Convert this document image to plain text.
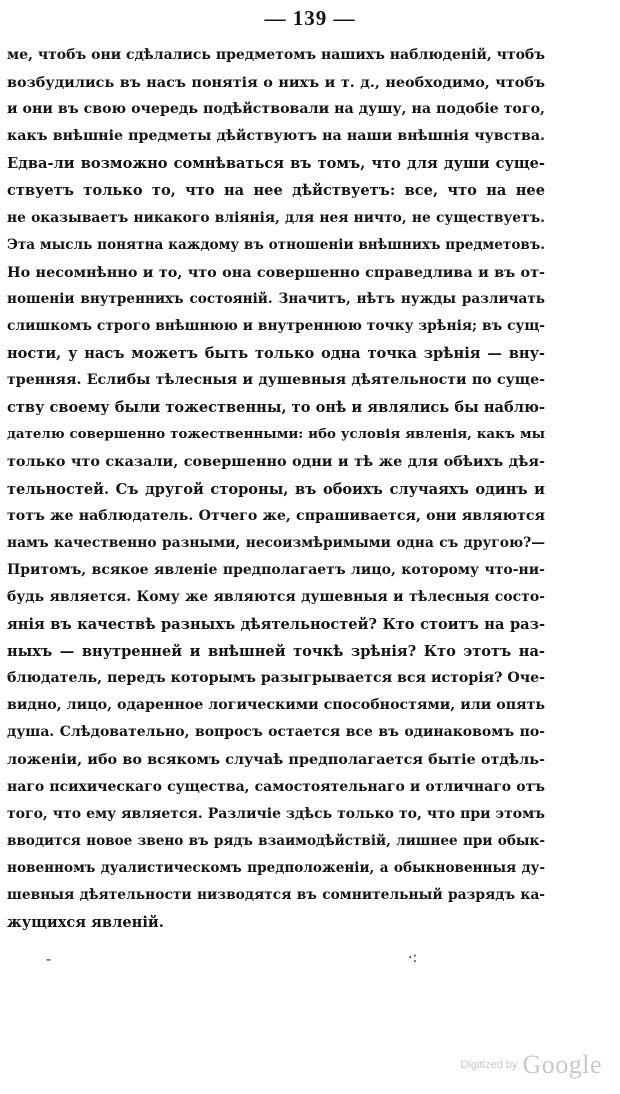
— 139 —
ме, чтобъ они сдѣлались предметомъ нашихъ наблюденій, чтобъ
возбудились въ насъ понятія о нихъ и т. д., необходимо, чтобъ
и они въ свою очередь подѣйствовали на душу, на подобіе того,
какъ внѣшніе предметы дѣйствуютъ на наши внѣшнія чувства.
Едва-ли возможно сомнѣваться въ томъ, что для души суще-
ствуетъ только то, что на нее дѣйствуетъ: все, что на нее
не оказываетъ никакого вліянія, для нея ничто, не существуетъ.
Эта мысль понятна каждому въ отношеніи внѣшнихъ предметовъ.
Но несомнѣнно и то, что она совершенно справедлива и въ от-
ношеніи внутреннихъ состояній. Значитъ, нѣтъ нужды различать
слишкомъ строго внѣшнюю и внутреннюю точку зрѣнія; въ сущ-
ности, у насъ можетъ быть только одна точка зрѣнія — вну-
тренняя. Еслибы тѣлесныя и душевныя дѣятельности по суще-
ству своему были тожественны, то онѣ и являлись бы наблю-
дателю совершенно тожественными: ибо условія явленія, какъ мы
только что сказали, совершенно одни и тѣ же для обѣихъ дѣя-
тельностей. Съ другой стороны, въ обоихъ случаяхъ одинъ и
тотъ же наблюдатель. Отчего же, спрашивается, они являются
намъ качественно разными, несоизмѣримыми одна съ другою?—
Притомъ, всякое явленіе предполагаетъ лицо, которому что-ни-
будь является. Кому же являются душевныя и тѣлесныя состо-
янія въ качествѣ разныхъ дѣятельностей? Кто стоитъ на раз-
ныхъ — внутренней и внѣшней точкѣ зрѣнія? Кто этотъ на-
блюдатель, передъ которымъ разыгрывается вся исторія? Оче-
видно, лицо, одаренное логическими способностями, или опять
душа. Слѣдовательно, вопросъ остается все въ одинаковомъ по-
ложеніи, ибо во всякомъ случаѣ предполагается бытіе отдѣль-
наго психическаго существа, самостоятельнаго и отличнаго отъ
того, что ему является. Различіе здѣсь только то, что при этомъ
вводится новое звено въ рядъ взаимодѣйствій, лишнее при обык-
новенномъ дуалистическомъ предположеніи, а обыкновенныя ду-
шевныя дѣятельности низводятся въ сомнительный разрядъ ка-
жущихся явленій.
-	·:
Digitized by Google
